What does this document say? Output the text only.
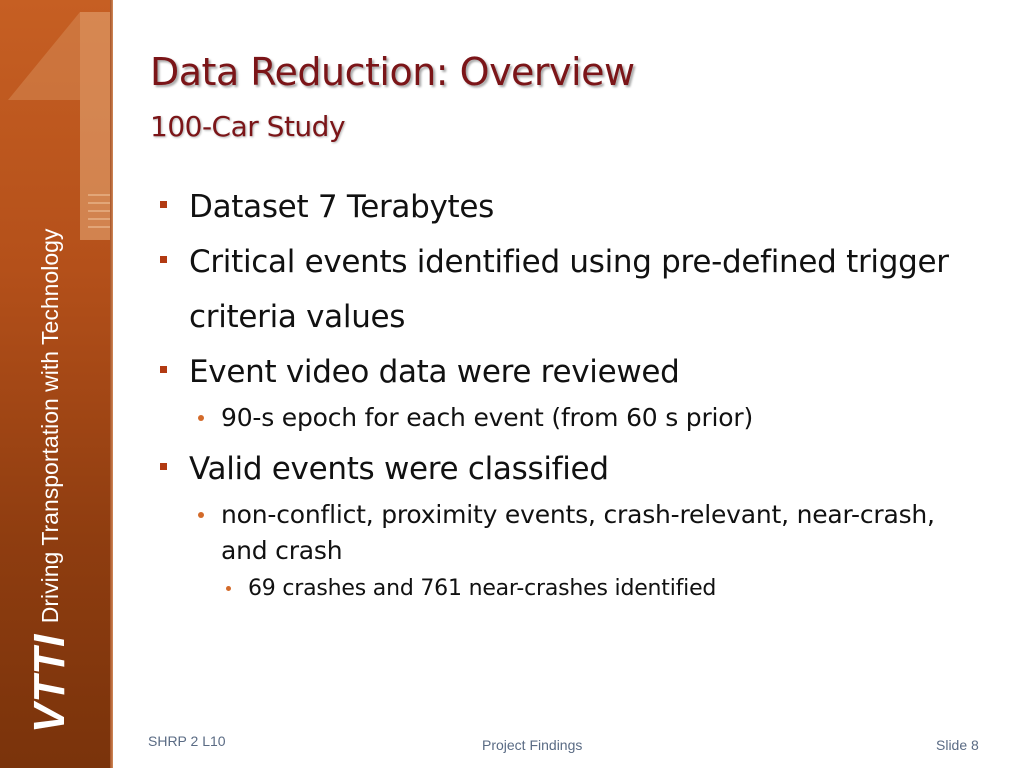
VTTI Driving Transportation with Technology
Data Reduction: Overview
100-Car Study
Dataset 7 Terabytes
Critical events identified using pre-defined trigger criteria values
Event video data were reviewed
90-s epoch for each event (from 60 s prior)
Valid events were classified
non-conflict, proximity events, crash-relevant, near-crash, and crash
69 crashes and 761 near-crashes identified
SHRP 2 L10	Project Findings	Slide 8
